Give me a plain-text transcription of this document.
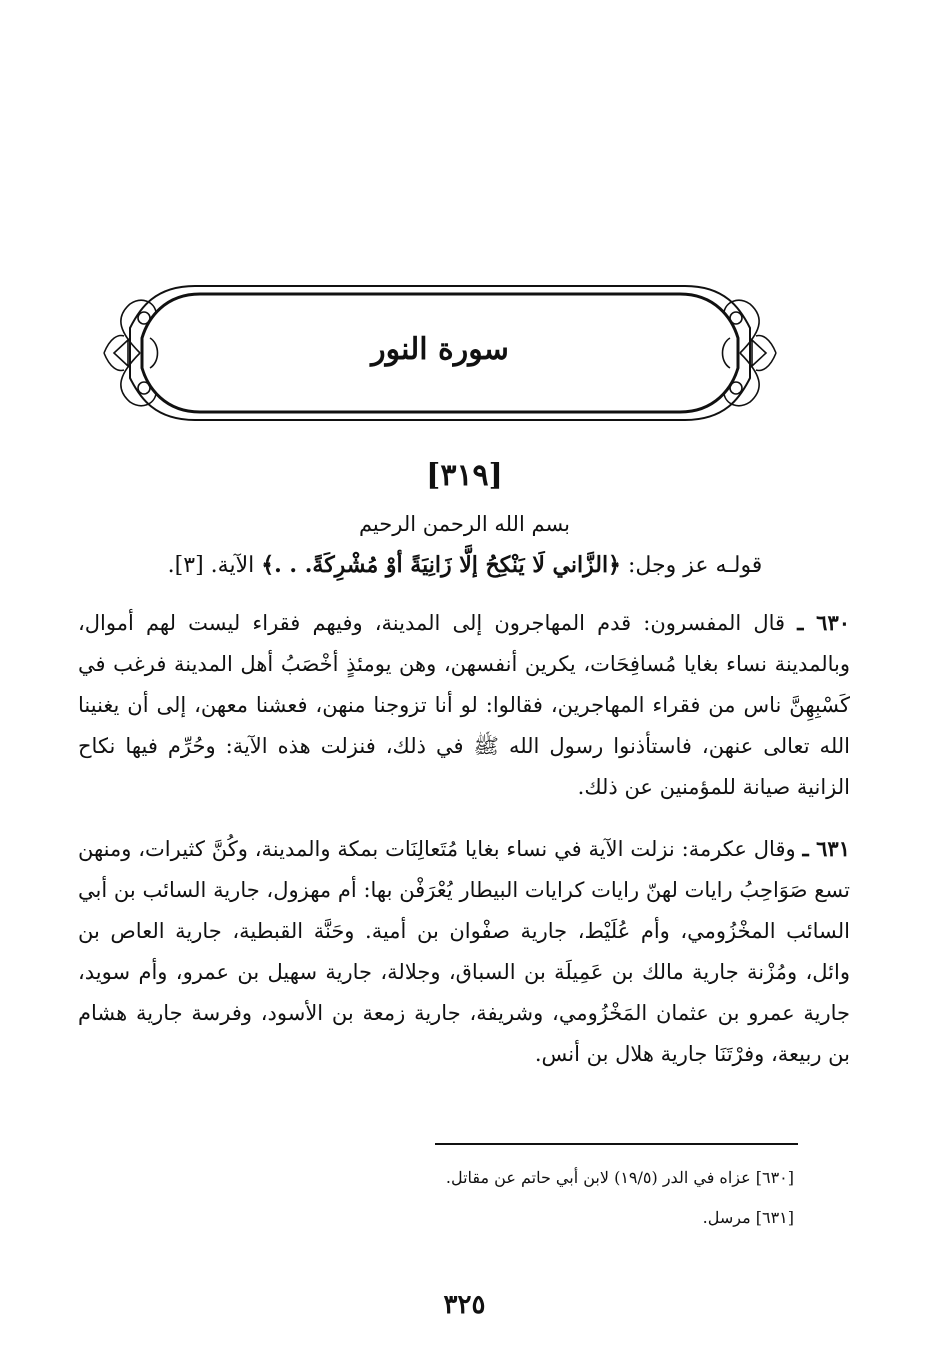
سورة النور
[٣١٩]
بسم الله الرحمن الرحيم
قولـه عز وجل: ﴿الزَّاني لَا يَنْكِحُ إلَّا زَانِيَةً أوْ مُشْرِكَةً. . .﴾ الآية. [٣].
٦٣٠ ـ قال المفسرون: قدم المهاجرون إلى المدينة، وفيهم فقراء ليست لهم أموال، وبالمدينة نساء بغايا مُسافِحَات، يكرين أنفسهن، وهن يومئذٍ أخْصَبُ أهل المدينة فرغب في كَسْبِهِنَّ ناس من فقراء المهاجرين، فقالوا: لو أنا تزوجنا منهن، فعشنا معهن، إلى أن يغنينا الله تعالى عنهن، فاستأذنوا رسول الله ﷺ في ذلك، فنزلت هذه الآية: وحُرِّم فيها نكاح الزانية صيانة للمؤمنين عن ذلك.
٦٣١ ـ وقال عكرمة: نزلت الآية في نساء بغايا مُتَعالِنَات بمكة والمدينة، وكُنَّ كثيرات، ومنهن تسع صَوَاحِبُ رايات لهنّ رايات كرايات البيطار يُعْرَفْن بها: أم مهزول، جارية السائب بن أبي السائب المخْزُومي، وأم عُلَيْط، جارية صفْوان بن أمية. وحَنَّة القبطية، جارية العاص بن وائل، ومُزْنة جارية مالك بن عَمِيلَة بن السباق، وجلالة، جارية سهيل بن عمرو، وأم سويد، جارية عمرو بن عثمان المَخْزُومي، وشريفة، جارية زمعة بن الأسود، وفرسة جارية هشام بن ربيعة، وفرْتَنَا جارية هلال بن أنس.
[٦٣٠] عزاه في الدر (١٩/٥) لابن أبي حاتم عن مقاتل.
[٦٣١] مرسل.
٣٢٥
